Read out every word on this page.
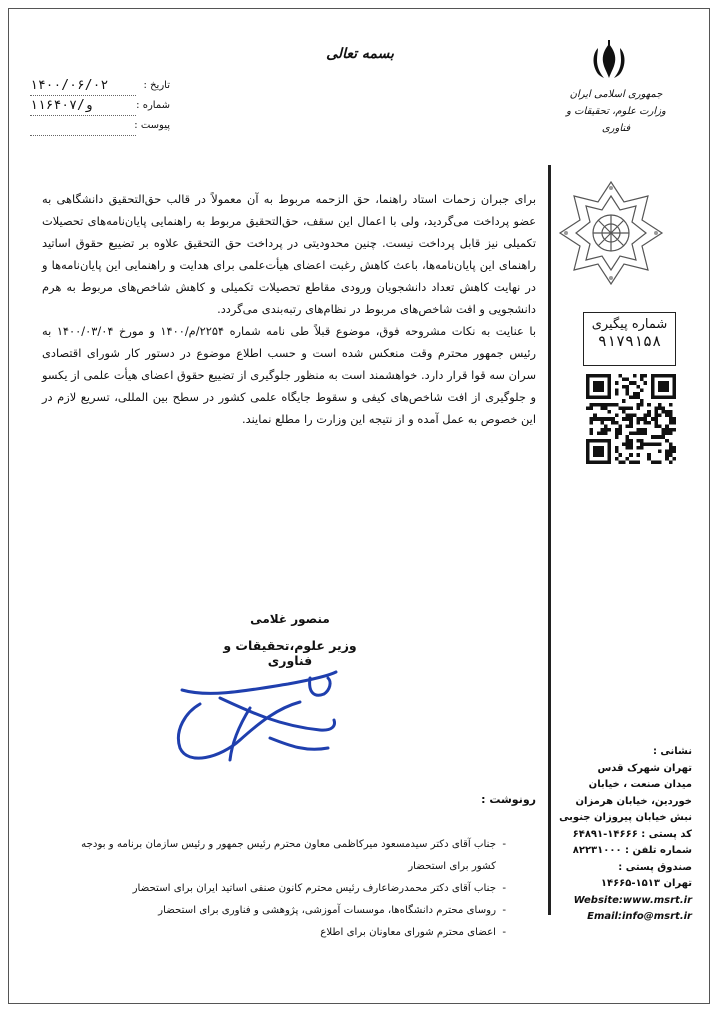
بسمه تعالی
تاریخ :
۱۴۰۰/۰۶/۰۲
شماره :
۱۱۶۴۰۷/و
پیوست :
جمهوری اسلامی ایران
وزارت علوم، تحقیقات و فناوری
شماره پیگیری
۹۱۷۹۱۵۸

برای جبران زحمات استاد راهنما، حق الزحمه مربوط به آن معمولاً در قالب حق‌التحقیق دانشگاهی به عضو پرداخت می‌گردید، ولی با اعمال این سقف، حق‌التحقیق مربوط به راهنمایی پایان‌نامه‌های تحصیلات تکمیلی نیز قابل پرداخت نیست. چنین محدودیتی در پرداخت حق التحقیق علاوه بر تضییع حقوق اساتید راهنمای این پایان‌نامه‌ها، باعث کاهش رغبت اعضای هیأت‌علمی برای هدایت و راهنمایی این پایان‌نامه‌ها و در نهایت کاهش تعداد دانشجویان ورودی مقاطع تحصیلات تکمیلی و کاهش شاخص‌های مربوط به هرم دانشجویی و افت شاخص‌های مربوط در نظام‌های رتبه‌بندی می‌گردد.

با عنایت به نکات مشروحه فوق، موضوع قبلاً طی نامه شماره ۲۲۵۴/م/۱۴۰۰ و مورخ ۱۴۰۰/۰۳/۰۴ به رئیس جمهور محترم وقت منعکس شده است و حسب اطلاع موضوع در دستور کار شورای اقتصادی سران سه قوا قرار دارد. خواهشمند است به منظور جلوگیری از تضییع حقوق اعضای هیأت علمی از یکسو و جلوگیری از افت شاخص‌های کیفی و سقوط جایگاه علمی کشور در سطح بین المللی، تسریع لازم در این خصوص به عمل آمده و از نتیجه این وزارت را مطلع نمایند.

منصور غلامی
وزیر علوم،تحقیقات و فناوری
رونوشت :
- جناب آقای دکتر سیدمسعود میرکاظمی معاون محترم رئیس جمهور و رئیس سازمان برنامه و بودجه کشور برای استحضار
- جناب آقای دکتر محمدرضاعارف رئیس محترم کانون صنفی اساتید ایران برای استحضار
- روسای محترم دانشگاه‌ها، موسسات آموزشی، پژوهشی و فناوری برای استحضار
- اعضای محترم شورای معاونان برای اطلاع
نشانی :
تهران شهرک قدس
میدان صنعت ، خیابان
خوردین، خیابان هرمزان
نبش خیابان پیروزان جنوبی
کد پستی : ۱۴۶۶۶-۶۴۸۹۱
شماره تلفن : ۸۲۲۳۱۰۰۰
صندوق پستی :
تهران ۱۵۱۳-۱۴۶۶۵
Website:www.msrt.ir
Email:info@msrt.ir
